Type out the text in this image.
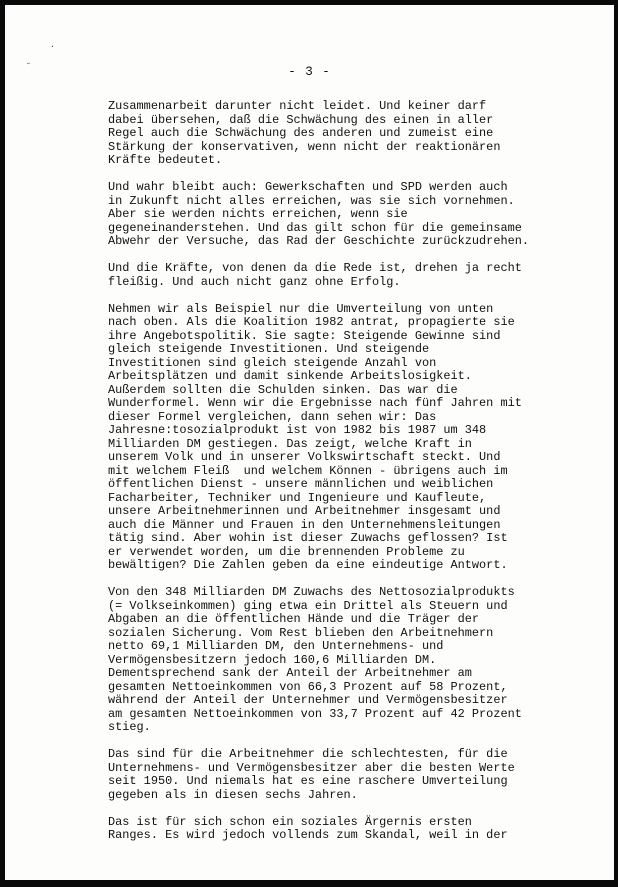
·
˘	- 3 -
Zusammenarbeit darunter nicht leidet. Und keiner darf
dabei übersehen, daß die Schwächung des einen in aller
Regel auch die Schwächung des anderen und zumeist eine
Stärkung der konservativen, wenn nicht der reaktionären
Kräfte bedeutet.
Und wahr bleibt auch: Gewerkschaften und SPD werden auch
in Zukunft nicht alles erreichen, was sie sich vornehmen.
Aber sie werden nichts erreichen, wenn sie
gegeneinanderstehen. Und das gilt schon für die gemeinsame
Abwehr der Versuche, das Rad der Geschichte zurückzudrehen.
Und die Kräfte, von denen da die Rede ist, drehen ja recht
fleißig. Und auch nicht ganz ohne Erfolg.
Nehmen wir als Beispiel nur die Umverteilung von unten
nach oben. Als die Koalition 1982 antrat, propagierte sie
ihre Angebotspolitik. Sie sagte: Steigende Gewinne sind
gleich steigende Investitionen. Und steigende
Investitionen sind gleich steigende Anzahl von
Arbeitsplätzen und damit sinkende Arbeitslosigkeit.
Außerdem sollten die Schulden sinken. Das war die
Wunderformel. Wenn wir die Ergebnisse nach fünf Jahren mit
dieser Formel vergleichen, dann sehen wir: Das
Jahresne:tosozialprodukt ist von 1982 bis 1987 um 348
Milliarden DM gestiegen. Das zeigt, welche Kraft in
unserem Volk und in unserer Volkswirtschaft steckt. Und
mit welchem Fleiß  und welchem Können - übrigens auch im
öffentlichen Dienst - unsere männlichen und weiblichen
Facharbeiter, Techniker und Ingenieure und Kaufleute,
unsere Arbeitnehmerinnen und Arbeitnehmer insgesamt und
auch die Männer und Frauen in den Unternehmensleitungen
tätig sind. Aber wohin ist dieser Zuwachs geflossen? Ist
er verwendet worden, um die brennenden Probleme zu
bewältigen? Die Zahlen geben da eine eindeutige Antwort.
Von den 348 Milliarden DM Zuwachs des Nettosozialprodukts
(= Volkseinkommen) ging etwa ein Drittel als Steuern und
Abgaben an die öffentlichen Hände und die Träger der
sozialen Sicherung. Vom Rest blieben den Arbeitnehmern
netto 69,1 Milliarden DM, den Unternehmens- und
Vermögensbesitzern jedoch 160,6 Milliarden DM.
Dementsprechend sank der Anteil der Arbeitnehmer am
gesamten Nettoeinkommen von 66,3 Prozent auf 58 Prozent,
während der Anteil der Unternehmer und Vermögensbesitzer
am gesamten Nettoeinkommen von 33,7 Prozent auf 42 Prozent
stieg.
Das sind für die Arbeitnehmer die schlechtesten, für die
Unternehmens- und Vermögensbesitzer aber die besten Werte
seit 1950. Und niemals hat es eine raschere Umverteilung
gegeben als in diesen sechs Jahren.
Das ist für sich schon ein soziales Ärgernis ersten
Ranges. Es wird jedoch vollends zum Skandal, weil in der
